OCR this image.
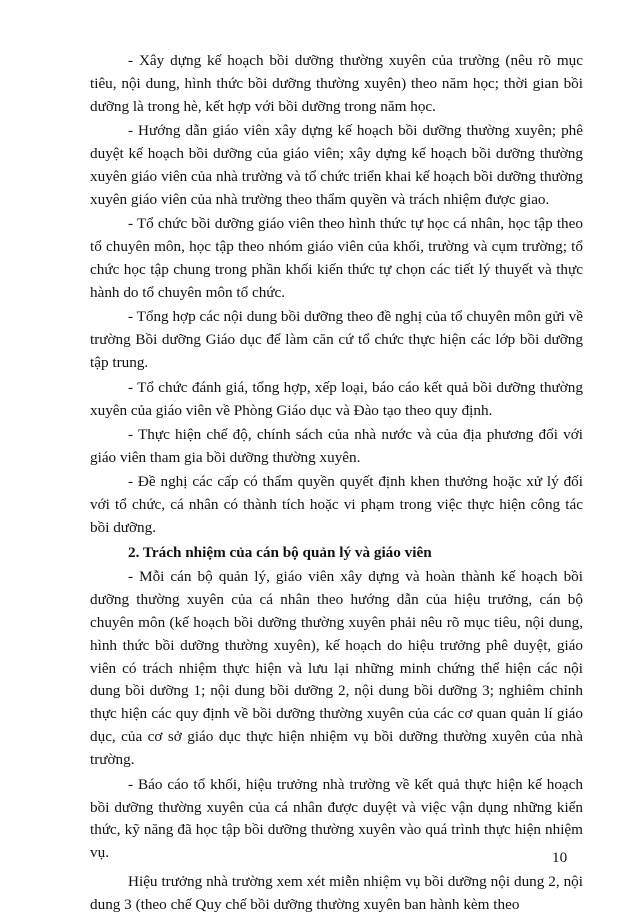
- Xây dựng kế hoạch bồi dưỡng thường xuyên của trường (nêu rõ mục tiêu, nội dung, hình thức bồi dưỡng thường xuyên) theo năm học; thời gian bồi dưỡng là trong hè, kết hợp với bồi dưỡng trong năm học.

- Hướng dẫn giáo viên xây dựng kế hoạch bồi dưỡng thường xuyên; phê duyệt kế hoạch bồi dưỡng của giáo viên; xây dựng kế hoạch bồi dưỡng thường xuyên giáo viên của nhà trường và tổ chức triển khai kế hoạch bồi dưỡng thường xuyên giáo viên của nhà trường theo thẩm quyền và trách nhiệm được giao.

- Tổ chức bồi dưỡng giáo viên theo hình thức tự học cá nhân, học tập theo tổ chuyên môn, học tập theo nhóm giáo viên của khối, trường và cụm trường; tổ chức học tập chung trong phần khối kiến thức tự chọn các tiết lý thuyết và thực hành do tổ chuyên môn tổ chức.

- Tổng hợp các nội dung bồi dưỡng theo đề nghị của tổ chuyên môn gửi về trường Bồi dưỡng Giáo dục để làm căn cứ tổ chức thực hiện các lớp bồi dưỡng tập trung.

- Tổ chức đánh giá, tổng hợp, xếp loại, báo cáo kết quả bồi dưỡng thường xuyên của giáo viên về Phòng Giáo dục và Đào tạo theo quy định.

- Thực hiện chế độ, chính sách của nhà nước và của địa phương đối với giáo viên tham gia bồi dưỡng thường xuyên.

- Đề nghị các cấp có thẩm quyền quyết định khen thưởng hoặc xử lý đối với tổ chức, cá nhân có thành tích hoặc vi phạm trong việc thực hiện công tác bồi dưỡng.

2. Trách nhiệm của cán bộ quản lý và giáo viên

- Mỗi cán bộ quản lý, giáo viên xây dựng và hoàn thành kế hoạch bồi dưỡng thường xuyên của cá nhân theo hướng dẫn của hiệu trưởng, cán bộ chuyên môn (kế hoạch bồi dưỡng thường xuyên phải nêu rõ mục tiêu, nội dung, hình thức bồi dưỡng thường xuyên), kế hoạch do hiệu trưởng phê duyệt, giáo viên có trách nhiệm thực hiện và lưu lại những minh chứng thể hiện các nội dung bồi dưỡng 1; nội dung bồi dưỡng 2, nội dung bồi dưỡng 3; nghiêm chỉnh thực hiện các quy định về bồi dưỡng thường xuyên của các cơ quan quản lí giáo dục, của cơ sở giáo dục thực hiện nhiệm vụ bồi dưỡng thường xuyên của nhà trường.

- Báo cáo tổ khối, hiệu trưởng nhà trường về kết quả thực hiện kế hoạch bồi dưỡng thường xuyên của cá nhân được duyệt và việc vận dụng những kiến thức, kỹ năng đã học tập bồi dưỡng thường xuyên vào quá trình thực hiện nhiệm vụ.

Hiệu trưởng nhà trường xem xét miễn nhiệm vụ bồi dưỡng nội dung 2, nội dung 3 (theo chế Quy chế bồi dưỡng thường xuyên ban hành kèm theo

10
